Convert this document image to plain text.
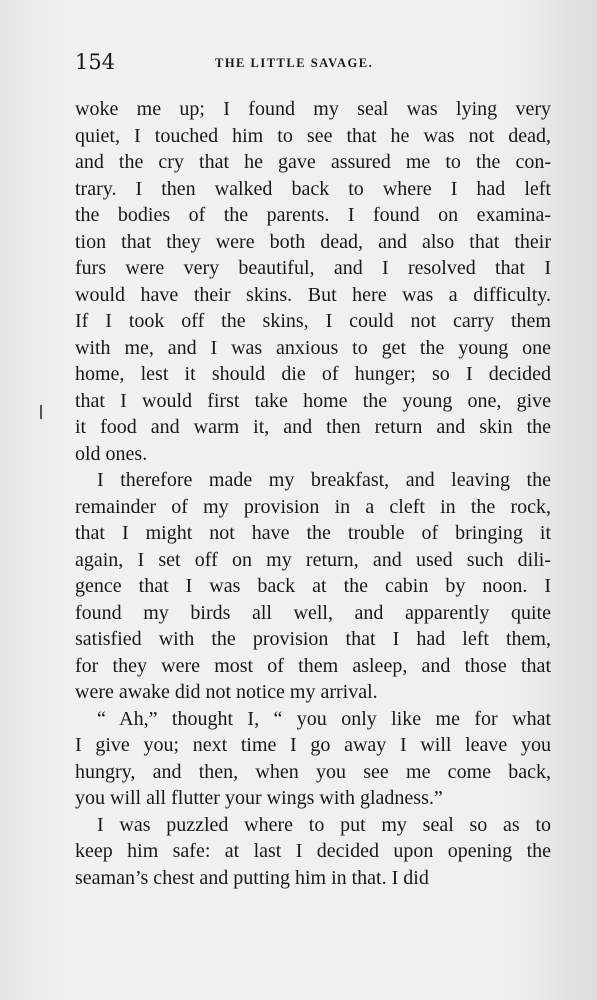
154	THE LITTLE SAVAGE.
woke me up; I found my seal was lying very
quiet, I touched him to see that he was not dead,
and the cry that he gave assured me to the con-
trary. I then walked back to where I had left
the bodies of the parents. I found on examina-
tion that they were both dead, and also that their
furs were very beautiful, and I resolved that I
would have their skins. But here was a difficulty.
If I took off the skins, I could not carry them
with me, and I was anxious to get the young one
home, lest it should die of hunger; so I decided
that I would first take home the young one, give
it food and warm it, and then return and skin the
old ones.
I therefore made my breakfast, and leaving the
remainder of my provision in a cleft in the rock,
that I might not have the trouble of bringing it
again, I set off on my return, and used such dili-
gence that I was back at the cabin by noon. I
found my birds all well, and apparently quite
satisfied with the provision that I had left them,
for they were most of them asleep, and those that
were awake did not notice my arrival.
“ Ah,” thought I, “ you only like me for what
I give you; next time I go away I will leave you
hungry, and then, when you see me come back,
you will all flutter your wings with gladness.”
I was puzzled where to put my seal so as to
keep him safe: at last I decided upon opening the
seaman’s chest and putting him in that. I did
